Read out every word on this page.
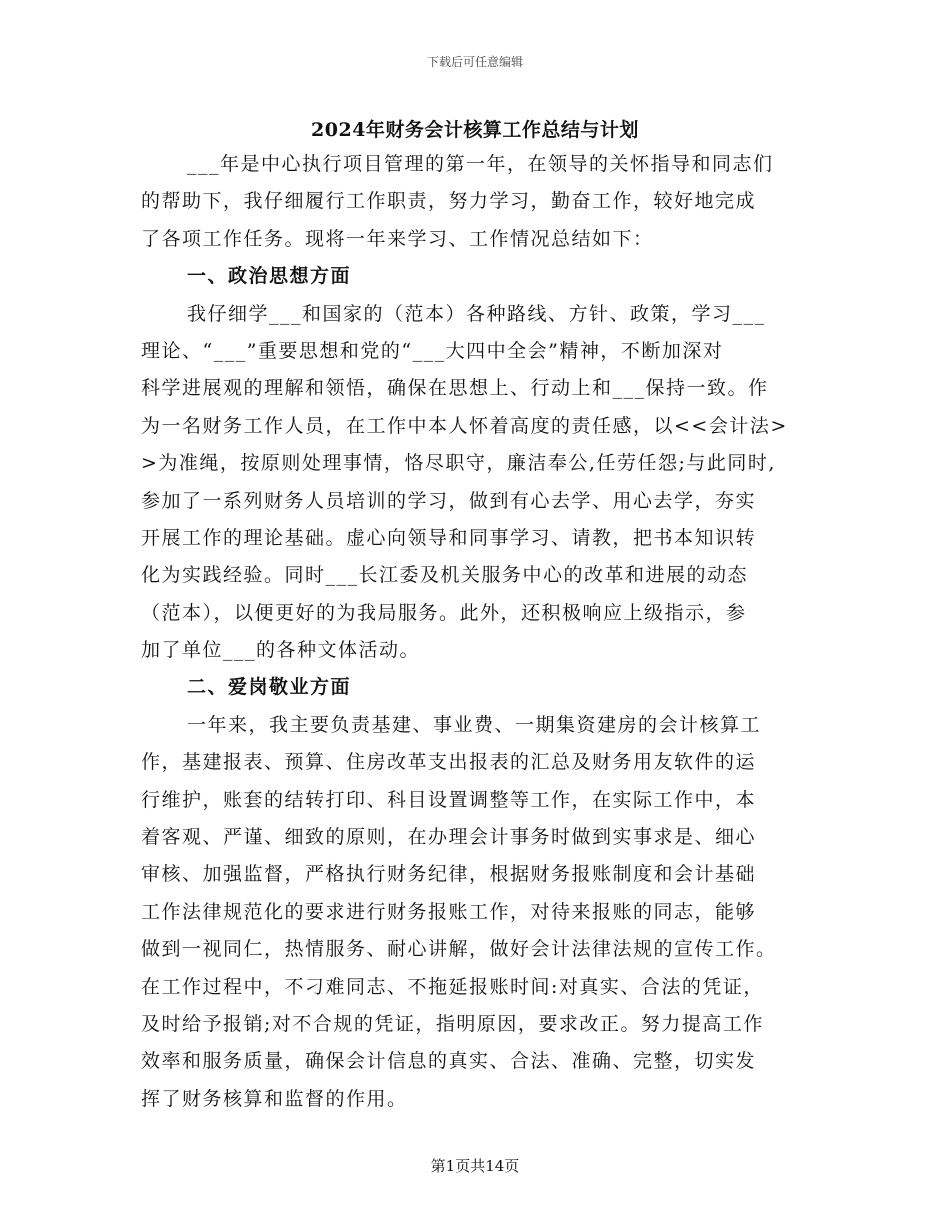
下载后可任意编辑
2024年财务会计核算工作总结与计划
___年是中心执行项目管理的第一年，在领导的关怀指导和同志们
的帮助下，我仔细履行工作职责，努力学习，勤奋工作，较好地完成
了各项工作任务。现将一年来学习、工作情况总结如下：
一、政治思想方面
我仔细学___和国家的（范本）各种路线、方针、政策，学习___
理论、“___”重要思想和党的“___大四中全会”精神，不断加深对
科学进展观的理解和领悟，确保在思想上、行动上和___保持一致。作
为一名财务工作人员，在工作中本人怀着高度的责任感，以<<会计法>
>为准绳，按原则处理事情，恪尽职守，廉洁奉公,任劳任怨;与此同时,
参加了一系列财务人员培训的学习，做到有心去学、用心去学，夯实
开展工作的理论基础。虚心向领导和同事学习、请教，把书本知识转
化为实践经验。同时___长江委及机关服务中心的改革和进展的动态
（范本），以便更好的为我局服务。此外，还积极响应上级指示，参
加了单位___的各种文体活动。
二、爱岗敬业方面
一年来，我主要负责基建、事业费、一期集资建房的会计核算工
作，基建报表、预算、住房改革支出报表的汇总及财务用友软件的运
行维护，账套的结转打印、科目设置调整等工作，在实际工作中，本
着客观、严谨、细致的原则，在办理会计事务时做到实事求是、细心
审核、加强监督，严格执行财务纪律，根据财务报账制度和会计基础
工作法律规范化的要求进行财务报账工作，对待来报账的同志，能够
做到一视同仁，热情服务、耐心讲解，做好会计法律法规的宣传工作。
在工作过程中，不刁难同志、不拖延报账时间:对真实、合法的凭证，
及时给予报销;对不合规的凭证，指明原因，要求改正。努力提高工作
效率和服务质量，确保会计信息的真实、合法、准确、完整，切实发
挥了财务核算和监督的作用。
第1页共14页
